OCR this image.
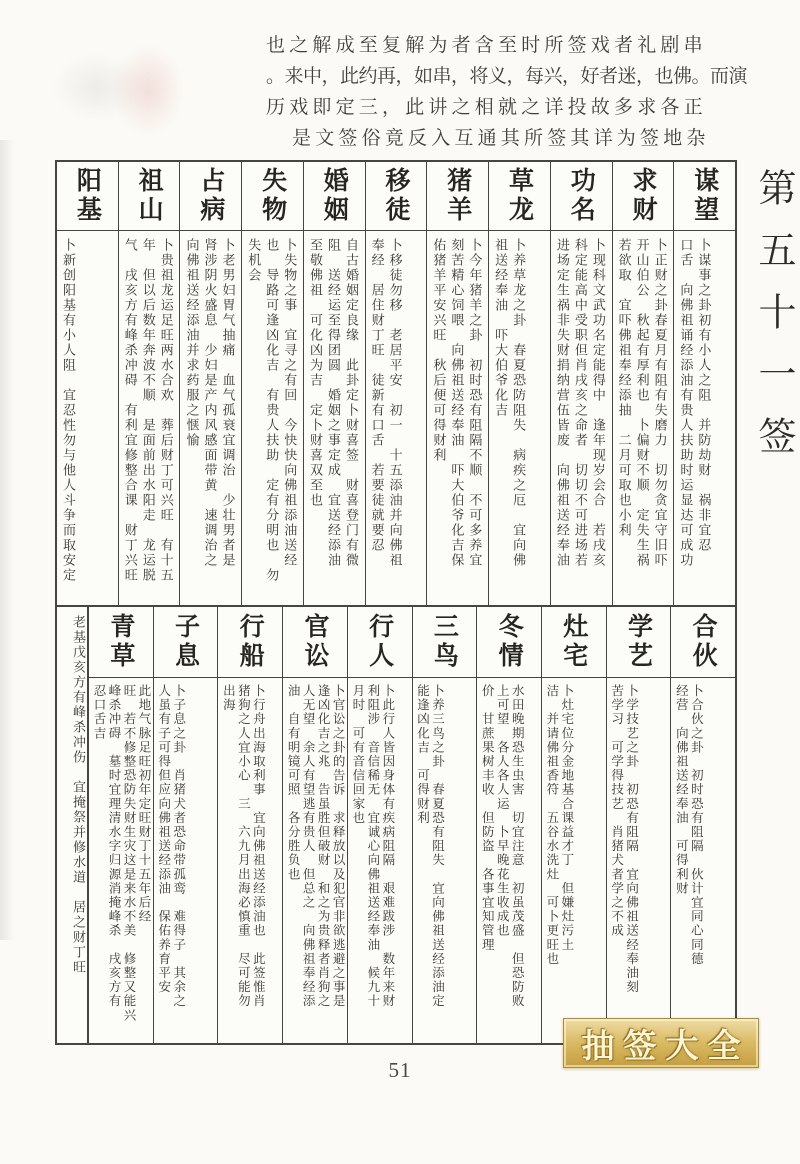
也之解成至复解为者含至时所签戏者礼剧串
。来中，此约再，如串，将义，每兴，好者迷，也佛。而演
历戏即定三，此讲之相就之详投故多求各正
是文签俗竟反入互通其所签其详为签地杂
阳基
卜新创阳基有小人阻　宜忍性勿与他人斗争而取安定
祖山
卜贵祖龙运足旺两水合欢　葬后财丁可兴旺　有十五
年　但以后数年奔波不顺　是面前出水阳走　龙运脱
气　戌亥方有峰杀冲碍　有利宜修整合课　财丁兴旺
占病
卜老男妇胃气抽痛　血气孤衰宜调治　少壮男者是
肾涉阴火盛息　少妇是产内风感面带黄　速调治之
向佛祖送经添油并求药服之惬愉
失物
卜失物之事　宜寻之有回　今快快向佛祖添油送经
也　导路可逢凶化吉　有贵人扶助　定有分明也　勿
失机会
婚姻
自古婚姻定良缘　此卦定卜财喜签　财喜登门有微
阻　送经运至得团圆　婚姻之事定成　宜送经添油
至敬佛祖　可化凶为吉　定卜财喜双至也
移徒
卜移徒勿移　老居平安　初一　十五添油并向佛祖
奉经　居住财丁旺　徒新有口舌　若要徒就要忍
猪羊
卜今年猪羊之卦　初时恐有阻隔不顺　不可多养宜
刻苦精心饲喂　向佛祖送经奉油　吓大伯爷化吉保
佑猪羊平安兴旺　秋后便可得财利
草龙
卜养草龙之卦　春夏恐防阻失　病疾之厄　宜向佛
祖送经奉油　吓大伯爷化吉
功名
卜现科文武功名定能得中　逢年现岁会合　若戌亥
科定能高中受职但肖戌亥之命者　切切不可进场若
进场定生祸非失财捐纳营伍皆废　向佛祖送经奉油
求财
卜正财之卦春夏月有阻有失磨力　切勿贪宜守旧吓
开山伯公　秋起有厚利也　卜偏财不顺　定失生祸
若欲取　宜吓佛祖奉经添抽　二月可取也小利
谋望
卜谋事之卦初有小人之阻　并防劫财　祸非宜忍
口舌　向佛祖诵经添油有贵人扶助时运显达可成功
老基戊亥方有峰杀冲伤　宜掩祭并修水道　居之财丁旺 青草
此地气脉足旺初年定旺财丁十五年后经
旺　若不修整恐防失财生灾这是来水不美　修整又能兴
峰杀冲碍　墓时宜理清水字归源消掩峰杀　戌亥方有
忍口舌吉
子息
卜子息之卦　肖猪犬者恐命带孤鸾　难得子　其余之
人虽有子可得但应向佛祖送经添油　保佑养育平安
行船
卜行舟出海取利事　宜向佛祖送经添油也　此签惟肖
猪狗之人宜小心　三　六九月出海必慎重　尽可能勿
出海
官讼
卜官讼之卦的告诉　求释放以及犯官非欲逃避之事是
逢凶化吉之兆　告虽胜但破财　和之为贵释者肖狗之
人无望　余人有望逃有贵人　但总之　向佛祖奉经添
油　自有明镜可照　各分胜负也
行人
卜此行人皆因身体有疾病阻隔　艰难跋涉　数年来财
利阻涉　音信稀无　宜诚心向佛祖送经奉油　候九十
月时　可有音信回家也
三鸟
卜养三鸟之卦　春夏恐有阻失　宜向佛祖送经添油定
能逢凶化吉　可得财利
冬情
水田晚期恐生虫害　切宜注意　初虽茂盛　但恐防败
上可望　各人各人运　卜早晚花生收成也
价　甘蔗果树丰收　但防盗　各事宜知管理
灶宅
卜灶宅位分金地基合课益才丁　但嫌灶污土
洁　并请佛祖香符　五谷水洗灶　可卜更旺也
学艺
卜学技艺之卦　初恐有阻隔　宜向佛祖送经奉油刻
苦学习　可学得技艺　肖猪犬者学之不成
合伙
卜合伙之卦　初时恐有阻隔　伙计宜同心同德
经营　向佛祖送经奉油　可得利财
第五十一签
51
抽签大全
